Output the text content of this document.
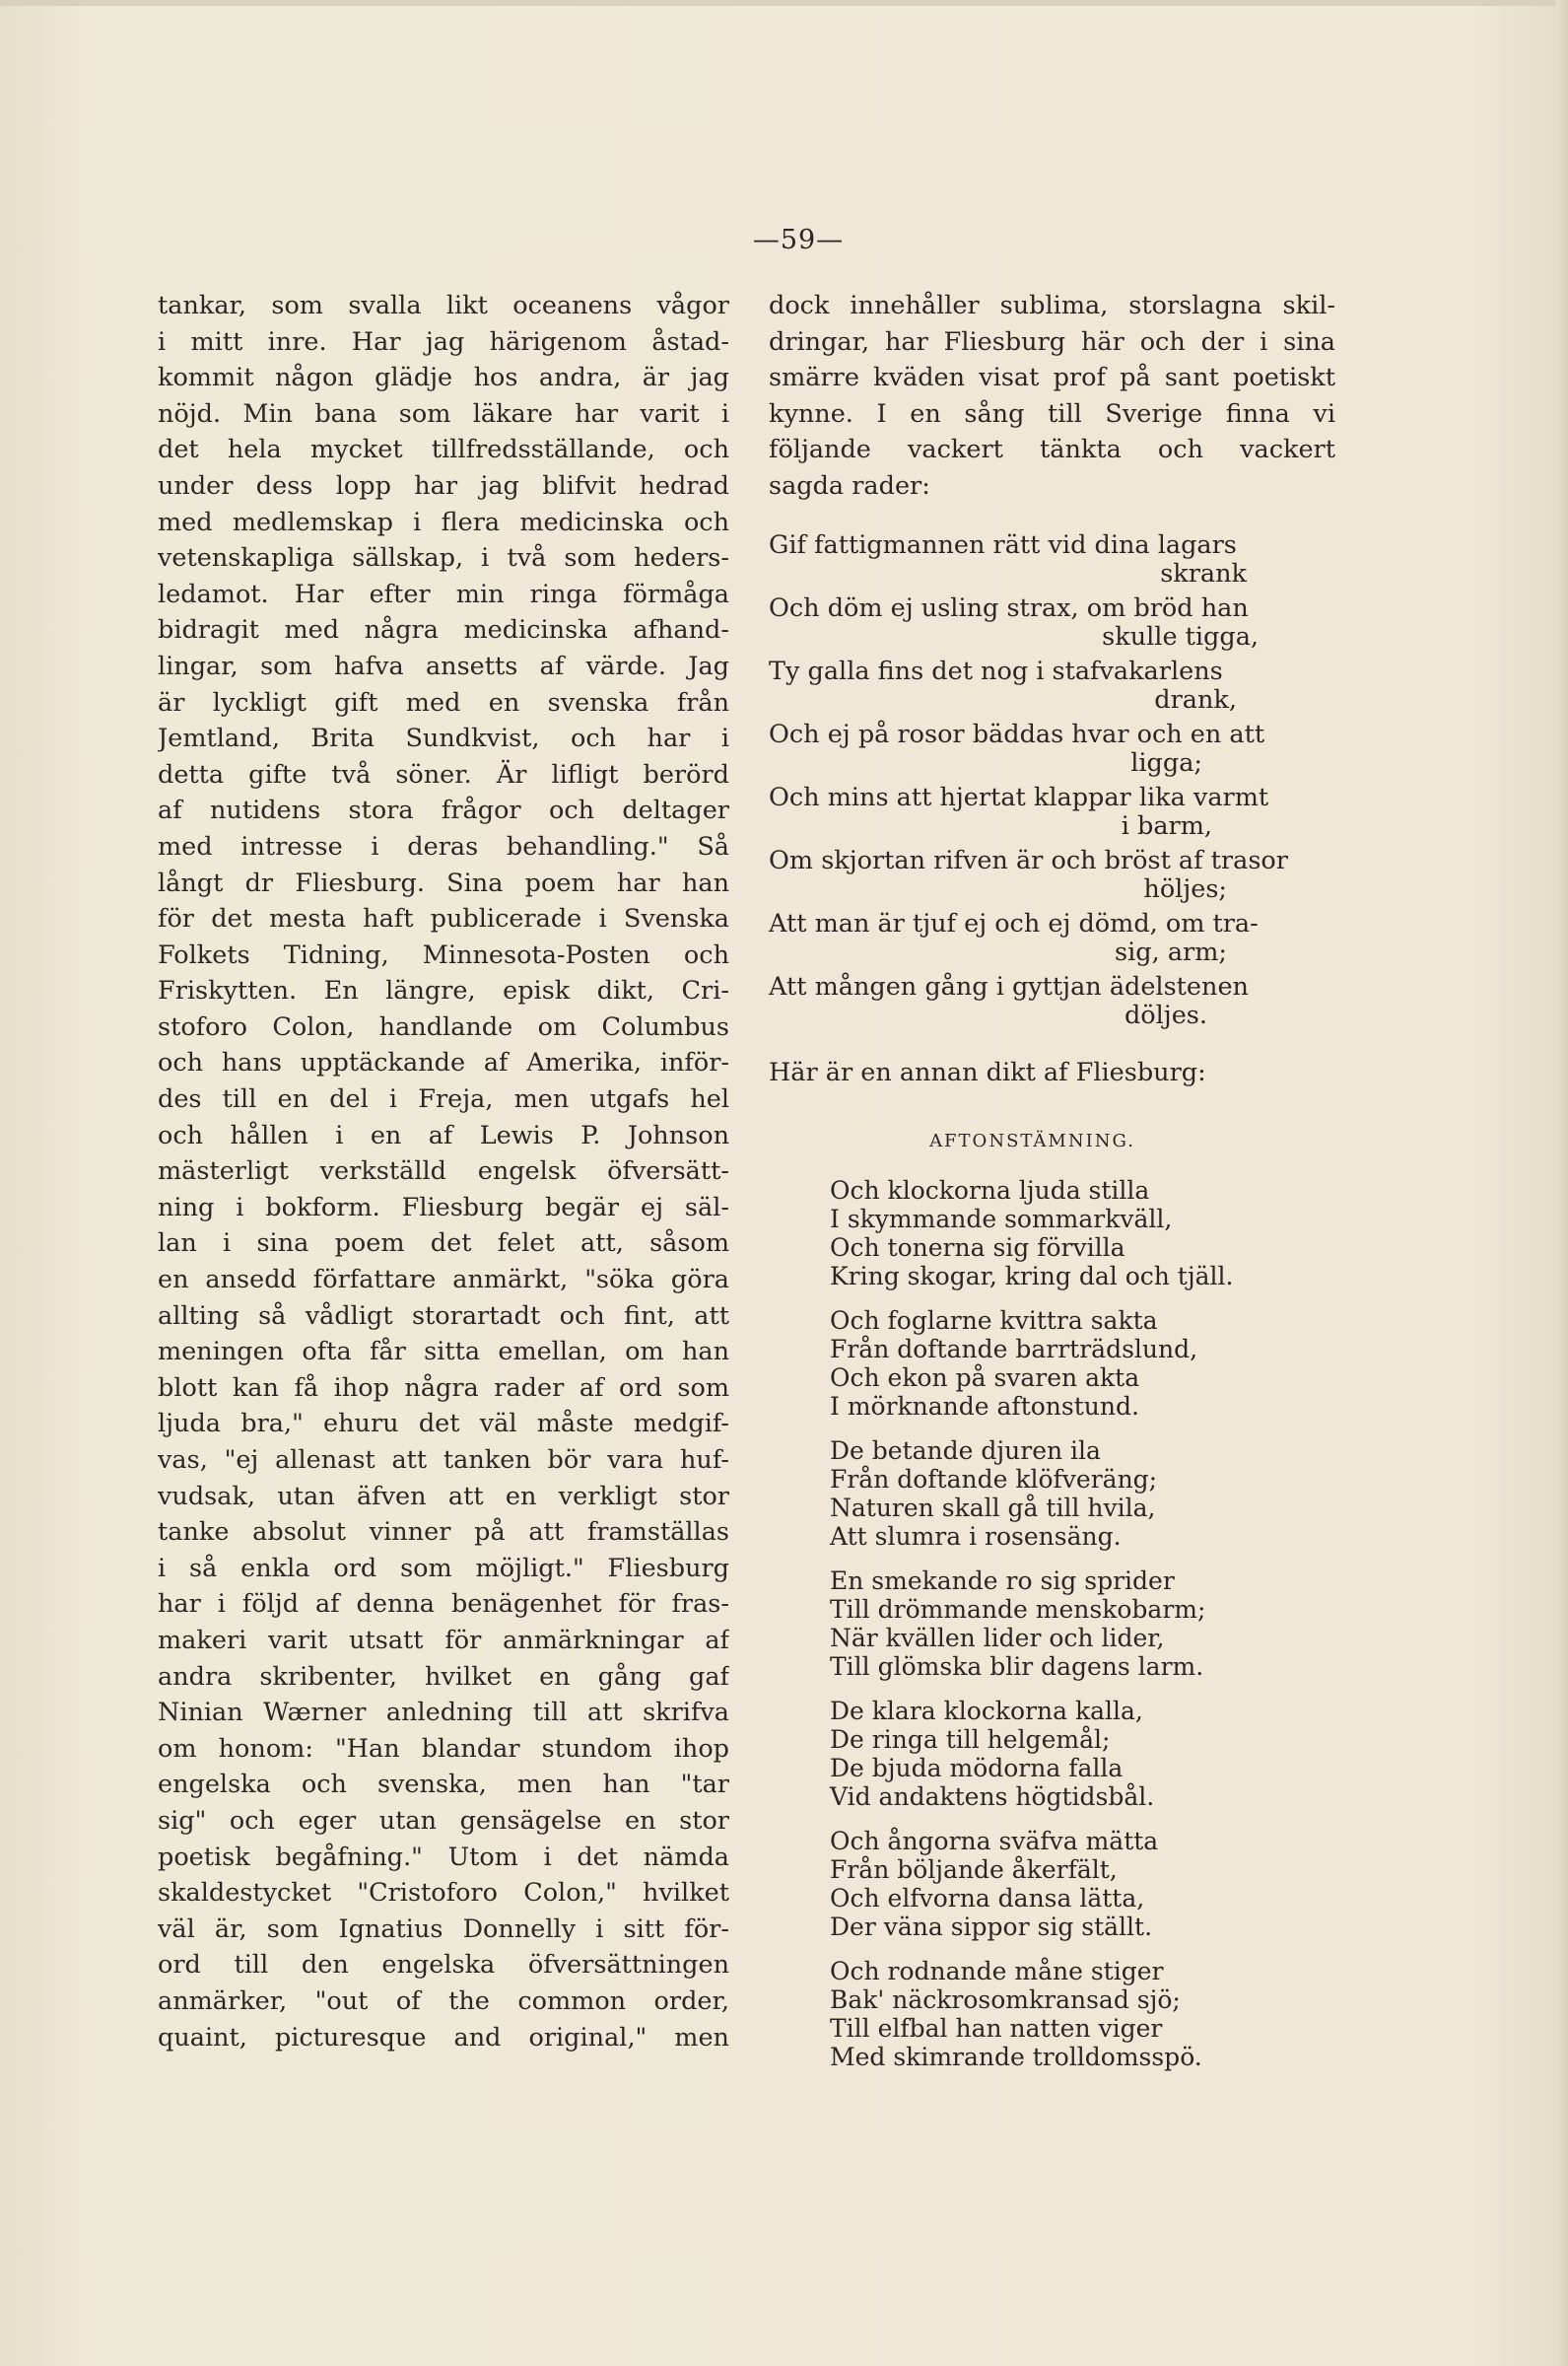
—59—
tankar, som svalla likt oceanens vågor
i mitt inre. Har jag härigenom åstad-
kommit någon glädje hos andra, är jag
nöjd. Min bana som läkare har varit i
det hela mycket tillfredsställande, och
under dess lopp har jag blifvit hedrad
med medlemskap i flera medicinska och
vetenskapliga sällskap, i två som heders-
ledamot. Har efter min ringa förmåga
bidragit med några medicinska afhand-
lingar, som hafva ansetts af värde. Jag
är lyckligt gift med en svenska från
Jemtland, Brita Sundkvist, och har i
detta gifte två söner. Är lifligt berörd
af nutidens stora frågor och deltager
med intresse i deras behandling." Så
långt dr Fliesburg. Sina poem har han
för det mesta haft publicerade i Svenska
Folkets Tidning, Minnesota-Posten och
Friskytten. En längre, episk dikt, Cri-
stoforo Colon, handlande om Columbus
och hans upptäckande af Amerika, inför-
des till en del i Freja, men utgafs hel
och hållen i en af Lewis P. Johnson
mästerligt verkställd engelsk öfversätt-
ning i bokform. Fliesburg begär ej säl-
lan i sina poem det felet att, såsom
en ansedd författare anmärkt, "söka göra
allting så vådligt storartadt och fint, att
meningen ofta får sitta emellan, om han
blott kan få ihop några rader af ord som
ljuda bra," ehuru det väl måste medgif-
vas, "ej allenast att tanken bör vara huf-
vudsak, utan äfven att en verkligt stor
tanke absolut vinner på att framställas
i så enkla ord som möjligt." Fliesburg
har i följd af denna benägenhet för fras-
makeri varit utsatt för anmärkningar af
andra skribenter, hvilket en gång gaf
Ninian Wærner anledning till att skrifva
om honom: "Han blandar stundom ihop
engelska och svenska, men han "tar
sig" och eger utan gensägelse en stor
poetisk begåfning." Utom i det nämda
skaldestycket "Cristoforo Colon," hvilket
väl är, som Ignatius Donnelly i sitt för-
ord till den engelska öfversättningen
anmärker, "out of the common order,
quaint, picturesque and original," men
dock innehåller sublima, storslagna skil-
dringar, har Fliesburg här och der i sina
smärre kväden visat prof på sant poetiskt
kynne. I en sång till Sverige finna vi
följande vackert tänkta och vackert
sagda rader:
Gif fattigmannen rätt vid dina lagars
skrank
Och döm ej usling strax, om bröd han
skulle tigga,
Ty galla fins det nog i stafvakarlens
drank,
Och ej på rosor bäddas hvar och en att
ligga;
Och mins att hjertat klappar lika varmt
i barm,
Om skjortan rifven är och bröst af trasor
höljes;
Att man är tjuf ej och ej dömd, om tra-
sig, arm;
Att mången gång i gyttjan ädelstenen
döljes.
Här är en annan dikt af Fliesburg:
AFTONSTÄMNING.
Och klockorna ljuda stilla
I skymmande sommarkväll,
Och tonerna sig förvilla
Kring skogar, kring dal och tjäll.
Och foglarne kvittra sakta
Från doftande barrträdslund,
Och ekon på svaren akta
I mörknande aftonstund.
De betande djuren ila
Från doftande klöfveräng;
Naturen skall gå till hvila,
Att slumra i rosensäng.
En smekande ro sig sprider
Till drömmande menskobarm;
När kvällen lider och lider,
Till glömska blir dagens larm.
De klara klockorna kalla,
De ringa till helgemål;
De bjuda mödorna falla
Vid andaktens högtidsbål.
Och ångorna sväfva mätta
Från böljande åkerfält,
Och elfvorna dansa lätta,
Der väna sippor sig ställt.
Och rodnande måne stiger
Bak' näckrosomkransad sjö;
Till elfbal han natten viger
Med skimrande trolldomsspö.
